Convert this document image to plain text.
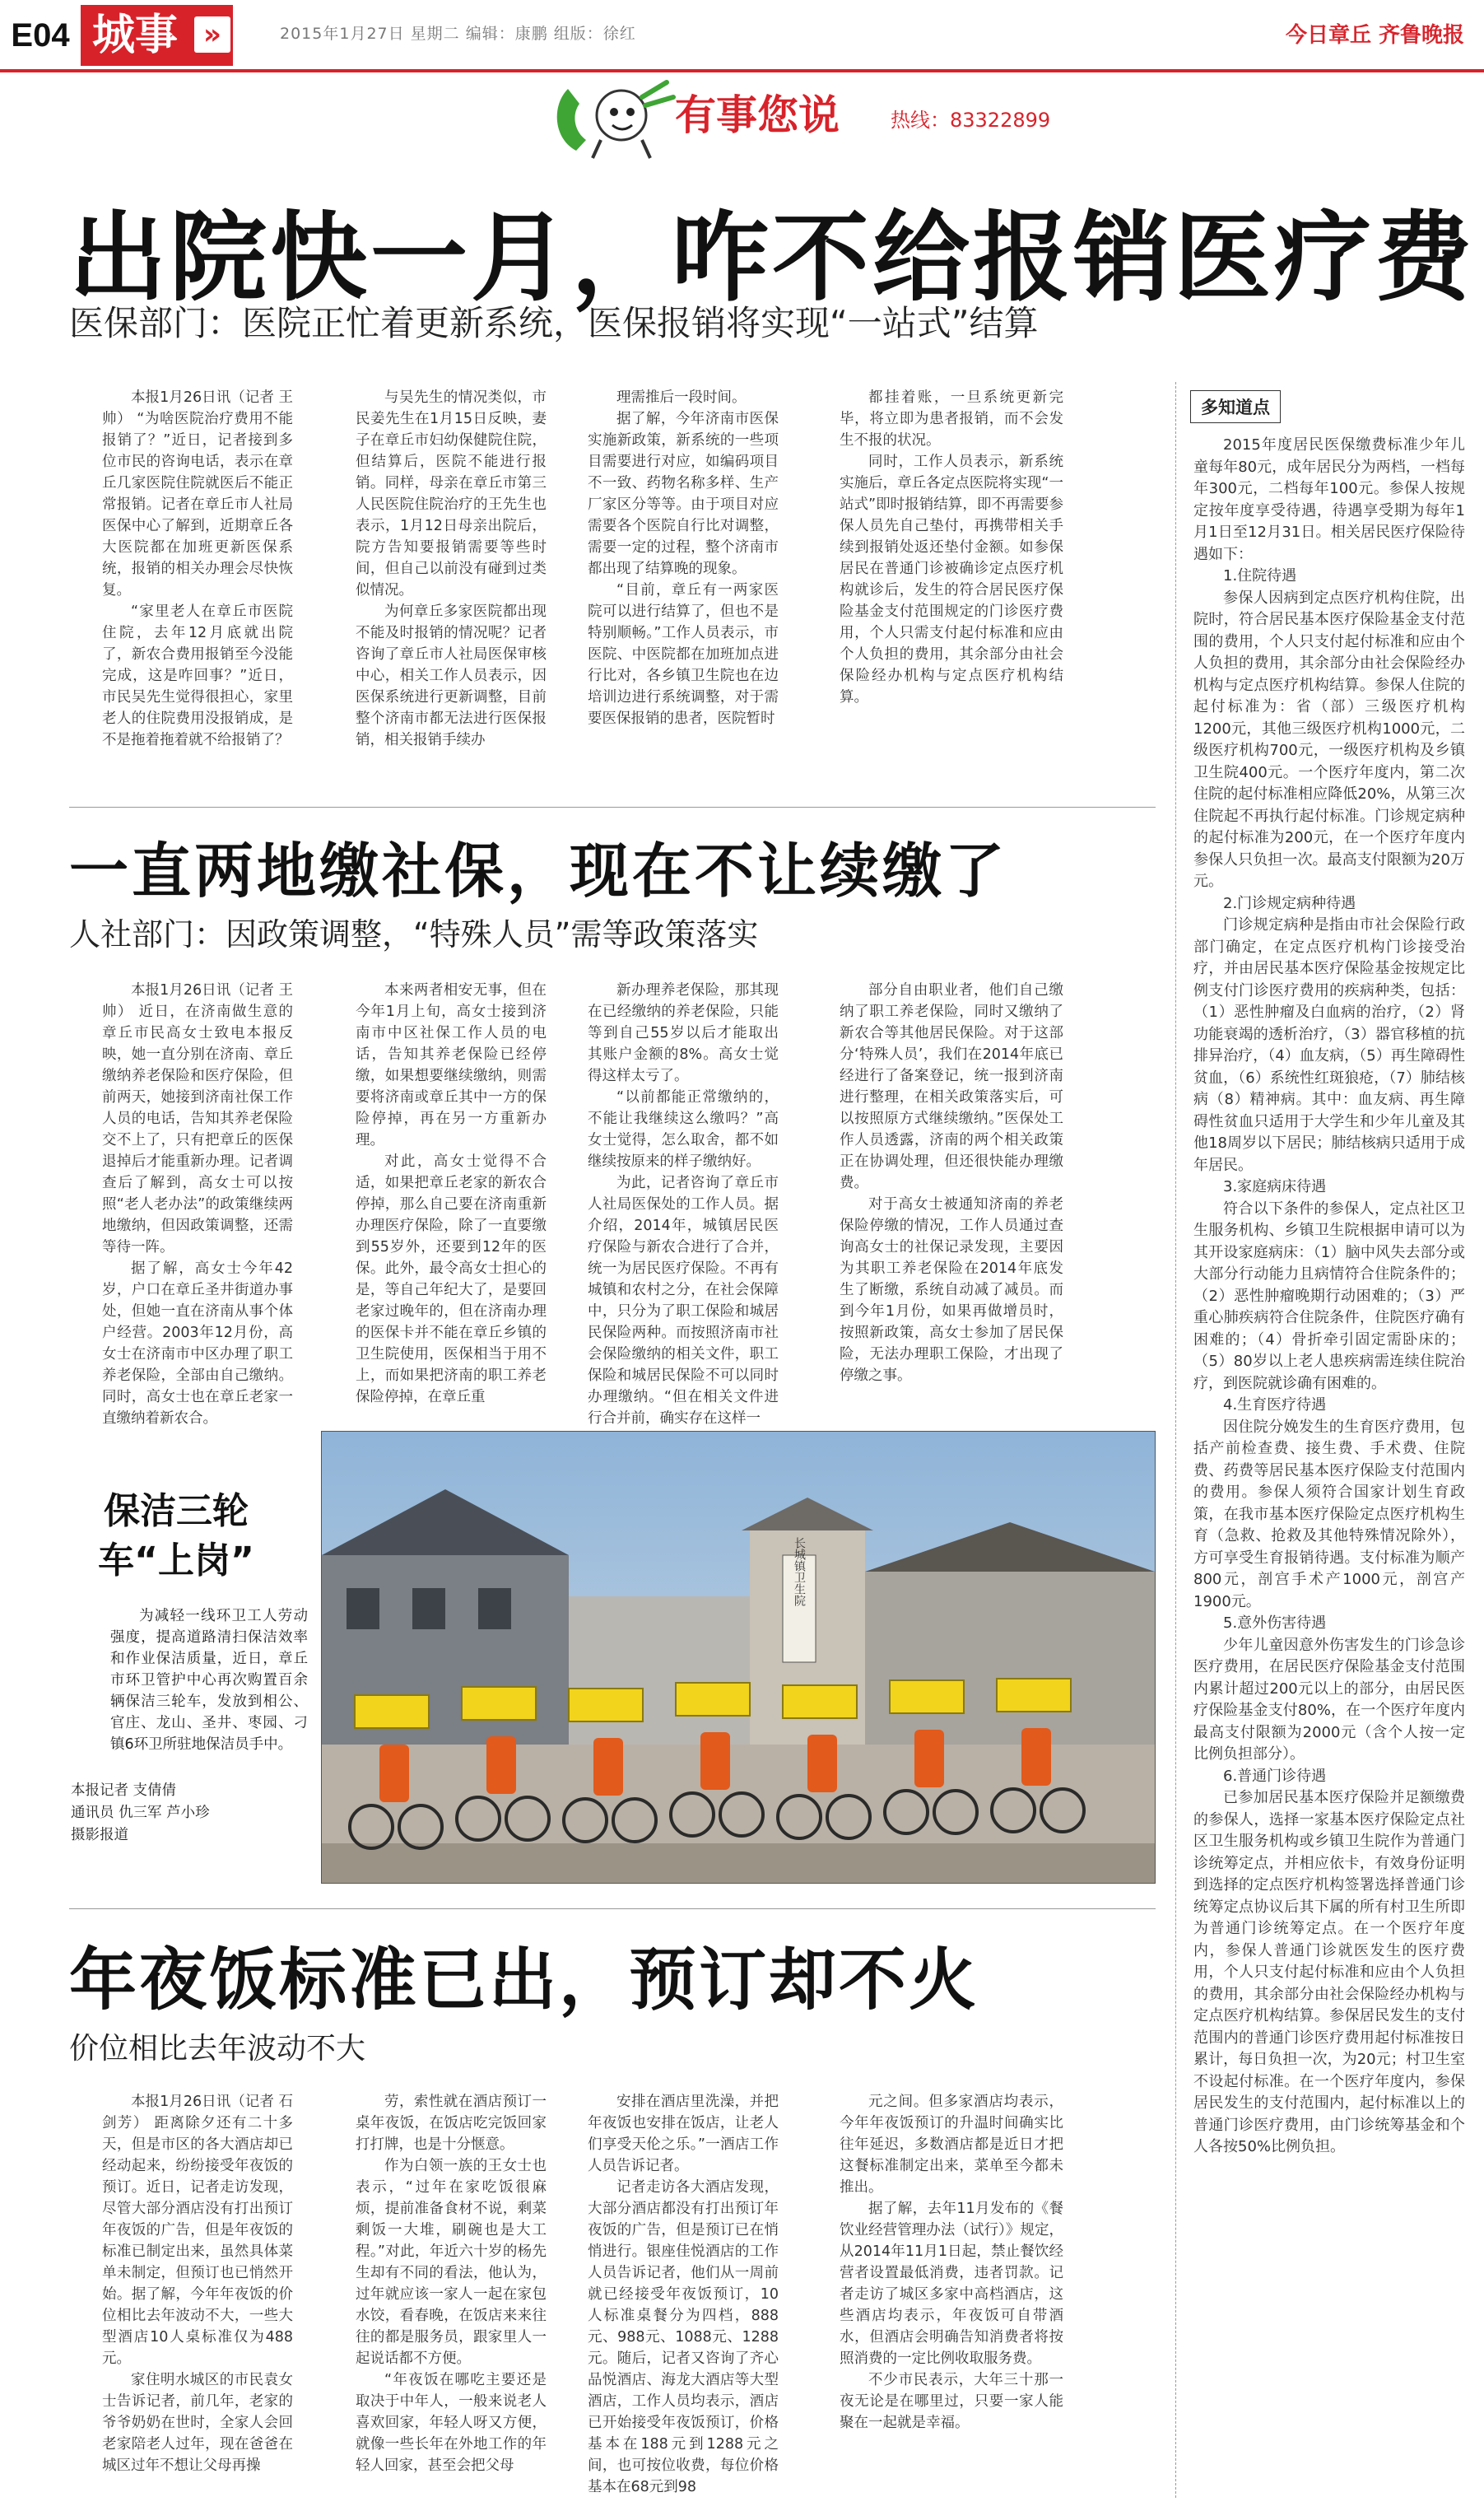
E04 城事 »	2015年1月27日 星期二 编辑：康鹏 组版：徐红	今日章丘 齐鲁晚报
有事您说	热线：83322899
出院快一月，咋不给报销医疗费
医保部门：医院正忙着更新系统，医保报销将实现“一站式”结算

本报1月26日讯（记者 王帅） “为啥医院治疗费用不能报销了？”近日，记者接到多位市民的咨询电话，表示在章丘几家医院住院就医后不能正常报销。记者在章丘市人社局医保中心了解到，近期章丘各大医院都在加班更新医保系统，报销的相关办理会尽快恢复。

“家里老人在章丘市医院住院，去年12月底就出院了，新农合费用报销至今没能完成，这是咋回事？”近日，市民吴先生觉得很担心，家里老人的住院费用没报销成，是不是拖着拖着就不给报销了？

与吴先生的情况类似，市民姜先生在1月15日反映，妻子在章丘市妇幼保健院住院，但结算后，医院不能进行报销。同样，母亲在章丘市第三人民医院住院治疗的王先生也表示，1月12日母亲出院后，院方告知要报销需要等些时间，但自己以前没有碰到过类似情况。

为何章丘多家医院都出现不能及时报销的情况呢？记者咨询了章丘市人社局医保审核中心，相关工作人员表示，因医保系统进行更新调整，目前整个济南市都无法进行医保报销，相关报销手续办

理需推后一段时间。

据了解，今年济南市医保实施新政策，新系统的一些项目需要进行对应，如编码项目不一致、药物名称多样、生产厂家区分等等。由于项目对应需要各个医院自行比对调整，需要一定的过程，整个济南市都出现了结算晚的现象。

“目前，章丘有一两家医院可以进行结算了，但也不是特别顺畅。”工作人员表示，市医院、中医院都在加班加点进行比对，各乡镇卫生院也在边培训边进行系统调整，对于需要医保报销的患者，医院暂时

都挂着账，一旦系统更新完毕，将立即为患者报销，而不会发生不报的状况。

同时，工作人员表示，新系统实施后，章丘各定点医院将实现“一站式”即时报销结算，即不再需要参保人员先自己垫付，再携带相关手续到报销处返还垫付金额。如参保居民在普通门诊被确诊定点医疗机构就诊后，发生的符合居民医疗保险基金支付范围规定的门诊医疗费用，个人只需支付起付标准和应由个人负担的费用，其余部分由社会保险经办机构与定点医疗机构结算。

多知道点

2015年度居民医保缴费标准少年儿童每年80元，成年居民分为两档，一档每年300元，二档每年100元。参保人按规定按年度享受待遇，待遇享受期为每年1月1日至12月31日。相关居民医疗保险待遇如下：

1.住院待遇

参保人因病到定点医疗机构住院，出院时，符合居民基本医疗保险基金支付范围的费用，个人只支付起付标准和应由个人负担的费用，其余部分由社会保险经办机构与定点医疗机构结算。参保人住院的起付标准为：省（部）三级医疗机构1200元，其他三级医疗机构1000元，二级医疗机构700元，一级医疗机构及乡镇卫生院400元。一个医疗年度内，第二次住院的起付标准相应降低20%，从第三次住院起不再执行起付标准。门诊规定病种的起付标准为200元，在一个医疗年度内参保人只负担一次。最高支付限额为20万元。

2.门诊规定病种待遇

门诊规定病种是指由市社会保险行政部门确定，在定点医疗机构门诊接受治疗，并由居民基本医疗保险基金按规定比例支付门诊医疗费用的疾病种类，包括：（1）恶性肿瘤及白血病的治疗，（2）肾功能衰竭的透析治疗，（3）器官移植的抗排异治疗，（4）血友病，（5）再生障碍性贫血，（6）系统性红斑狼疮，（7）肺结核病（8）精神病。其中：血友病、再生障碍性贫血只适用于大学生和少年儿童及其他18周岁以下居民；肺结核病只适用于成年居民。

3.家庭病床待遇

符合以下条件的参保人，定点社区卫生服务机构、乡镇卫生院根据申请可以为其开设家庭病床：（1）脑中风失去部分或大部分行动能力且病情符合住院条件的；（2）恶性肿瘤晚期行动困难的；（3）严重心肺疾病符合住院条件，住院医疗确有困难的；（4）骨折牵引固定需卧床的；（5）80岁以上老人患疾病需连续住院治疗，到医院就诊确有困难的。

4.生育医疗待遇

因住院分娩发生的生育医疗费用，包括产前检查费、接生费、手术费、住院费、药费等居民基本医疗保险支付范围内的费用。参保人须符合国家计划生育政策，在我市基本医疗保险定点医疗机构生育（急救、抢救及其他特殊情况除外），方可享受生育报销待遇。支付标准为顺产800元，剖宫手术产1000元，剖宫产1900元。

5.意外伤害待遇

少年儿童因意外伤害发生的门诊急诊医疗费用，在居民医疗保险基金支付范围内累计超过200元以上的部分，由居民医疗保险基金支付80%，在一个医疗年度内最高支付限额为2000元（含个人按一定比例负担部分）。

6.普通门诊待遇

已参加居民基本医疗保险并足额缴费的参保人，选择一家基本医疗保险定点社区卫生服务机构或乡镇卫生院作为普通门诊统筹定点，并相应依卡，有效身份证明到选择的定点医疗机构签署选择普通门诊统筹定点协议后其下属的所有村卫生所即为普通门诊统筹定点。在一个医疗年度内，参保人普通门诊就医发生的医疗费用，个人只支付起付标准和应由个人负担的费用，其余部分由社会保险经办机构与定点医疗机构结算。参保居民发生的支付范围内的普通门诊医疗费用起付标准按日累计，每日负担一次，为20元；村卫生室不设起付标准。在一个医疗年度内，参保居民发生的支付范围内，起付标准以上的普通门诊医疗费用，由门诊统筹基金和个人各按50%比例负担。

一直两地缴社保，现在不让续缴了
人社部门：因政策调整，“特殊人员”需等政策落实

本报1月26日讯（记者 王帅） 近日，在济南做生意的章丘市民高女士致电本报反映，她一直分别在济南、章丘缴纳养老保险和医疗保险，但前两天，她接到济南社保工作人员的电话，告知其养老保险交不上了，只有把章丘的医保退掉后才能重新办理。记者调查后了解到，高女士可以按照“老人老办法”的政策继续两地缴纳，但因政策调整，还需等待一阵。

据了解，高女士今年42岁，户口在章丘圣井街道办事处，但她一直在济南从事个体户经营。2003年12月份，高女士在济南市中区办理了职工养老保险，全部由自己缴纳。同时，高女士也在章丘老家一直缴纳着新农合。

本来两者相安无事，但在今年1月上旬，高女士接到济南市中区社保工作人员的电话，告知其养老保险已经停缴，如果想要继续缴纳，则需要将济南或章丘其中一方的保险停掉，再在另一方重新办理。

对此，高女士觉得不合适，如果把章丘老家的新农合停掉，那么自己要在济南重新办理医疗保险，除了一直要缴到55岁外，还要到12年的医保。此外，最令高女士担心的是，等自己年纪大了，是要回老家过晚年的，但在济南办理的医保卡并不能在章丘乡镇的卫生院使用，医保相当于用不上，而如果把济南的职工养老保险停掉，在章丘重

新办理养老保险，那其现在已经缴纳的养老保险，只能等到自己55岁以后才能取出其账户金额的8%。高女士觉得这样太亏了。

“以前都能正常缴纳的，不能让我继续这么缴吗？”高女士觉得，怎么取舍，都不如继续按原来的样子缴纳好。

为此，记者咨询了章丘市人社局医保处的工作人员。据介绍，2014年，城镇居民医疗保险与新农合进行了合并，统一为居民医疗保险。不再有城镇和农村之分，在社会保障中，只分为了职工保险和城居民保险两种。而按照济南市社会保险缴纳的相关文件，职工保险和城居民保险不可以同时办理缴纳。“但在相关文件进行合并前，确实存在这样一

部分自由职业者，他们自己缴纳了职工养老保险，同时又缴纳了新农合等其他居民保险。对于这部分‘特殊人员’，我们在2014年底已经进行了备案登记，统一报到济南进行整理，在相关政策落实后，可以按照原方式继续缴纳。”医保处工作人员透露，济南的两个相关政策正在协调处理，但还很快能办理缴费。

对于高女士被通知济南的养老保险停缴的情况，工作人员通过查询高女士的社保记录发现，主要因为其职工养老保险在2014年底发生了断缴，系统自动减了减员。而到今年1月份，如果再做增员时，按照新政策，高女士参加了居民保险，无法办理职工保险，才出现了停缴之事。

保洁三轮车“上岗”

为减轻一线环卫工人劳动强度，提高道路清扫保洁效率和作业保洁质量，近日，章丘市环卫管护中心再次购置百余辆保洁三轮车，发放到相公、官庄、龙山、圣井、枣园、刁镇6环卫所驻地保洁员手中。

本报记者 支倩倩
通讯员 仇三军 芦小珍
摄影报道
长城镇卫生院
年夜饭标准已出，预订却不火
价位相比去年波动不大

本报1月26日讯（记者 石剑芳） 距离除夕还有二十多天，但是市区的各大酒店却已经动起来，纷纷接受年夜饭的预订。近日，记者走访发现，尽管大部分酒店没有打出预订年夜饭的广告，但是年夜饭的标准已制定出来，虽然具体菜单未制定，但预订也已悄然开始。据了解，今年年夜饭的价位相比去年波动不大，一些大型酒店10人桌标准仅为488元。

家住明水城区的市民袁女士告诉记者，前几年，老家的爷爷奶奶在世时，全家人会回老家陪老人过年，现在爸爸在城区过年不想让父母再操

劳，索性就在酒店预订一桌年夜饭，在饭店吃完饭回家打打牌，也是十分惬意。

作为白领一族的王女士也表示，“过年在家吃饭很麻烦，提前准备食材不说，剩菜剩饭一大堆，刷碗也是大工程。”对此，年近六十岁的杨先生却有不同的看法，他认为，过年就应该一家人一起在家包水饺，看春晚，在饭店来来往往的都是服务员，跟家里人一起说话都不方便。

“年夜饭在哪吃主要还是取决于中年人，一般来说老人喜欢回家，年轻人呀又方便，就像一些长年在外地工作的年轻人回家，甚至会把父母

安排在酒店里洗澡，并把年夜饭也安排在饭店，让老人们享受天伦之乐。”一酒店工作人员告诉记者。

记者走访各大酒店发现，大部分酒店都没有打出预订年夜饭的广告，但是预订已在悄悄进行。银座佳悦酒店的工作人员告诉记者，他们从一周前就已经接受年夜饭预订，10人标准桌餐分为四档，888元、988元、1088元、1288元。随后，记者又咨询了齐心品悦酒店、海龙大酒店等大型酒店，工作人员均表示，酒店已开始接受年夜饭预订，价格基本在188元到1288元之间，也可按位收费，每位价格基本在68元到98

元之间。但多家酒店均表示，今年年夜饭预订的升温时间确实比往年延迟，多数酒店都是近日才把这餐标准制定出来，菜单至今都未推出。

据了解，去年11月发布的《餐饮业经营管理办法（试行）》规定，从2014年11月1日起，禁止餐饮经营者设置最低消费，违者罚款。记者走访了城区多家中高档酒店，这些酒店均表示，年夜饭可自带酒水，但酒店会明确告知消费者将按照消费的一定比例收取服务费。

不少市民表示，大年三十那一夜无论是在哪里过，只要一家人能聚在一起就是幸福。
